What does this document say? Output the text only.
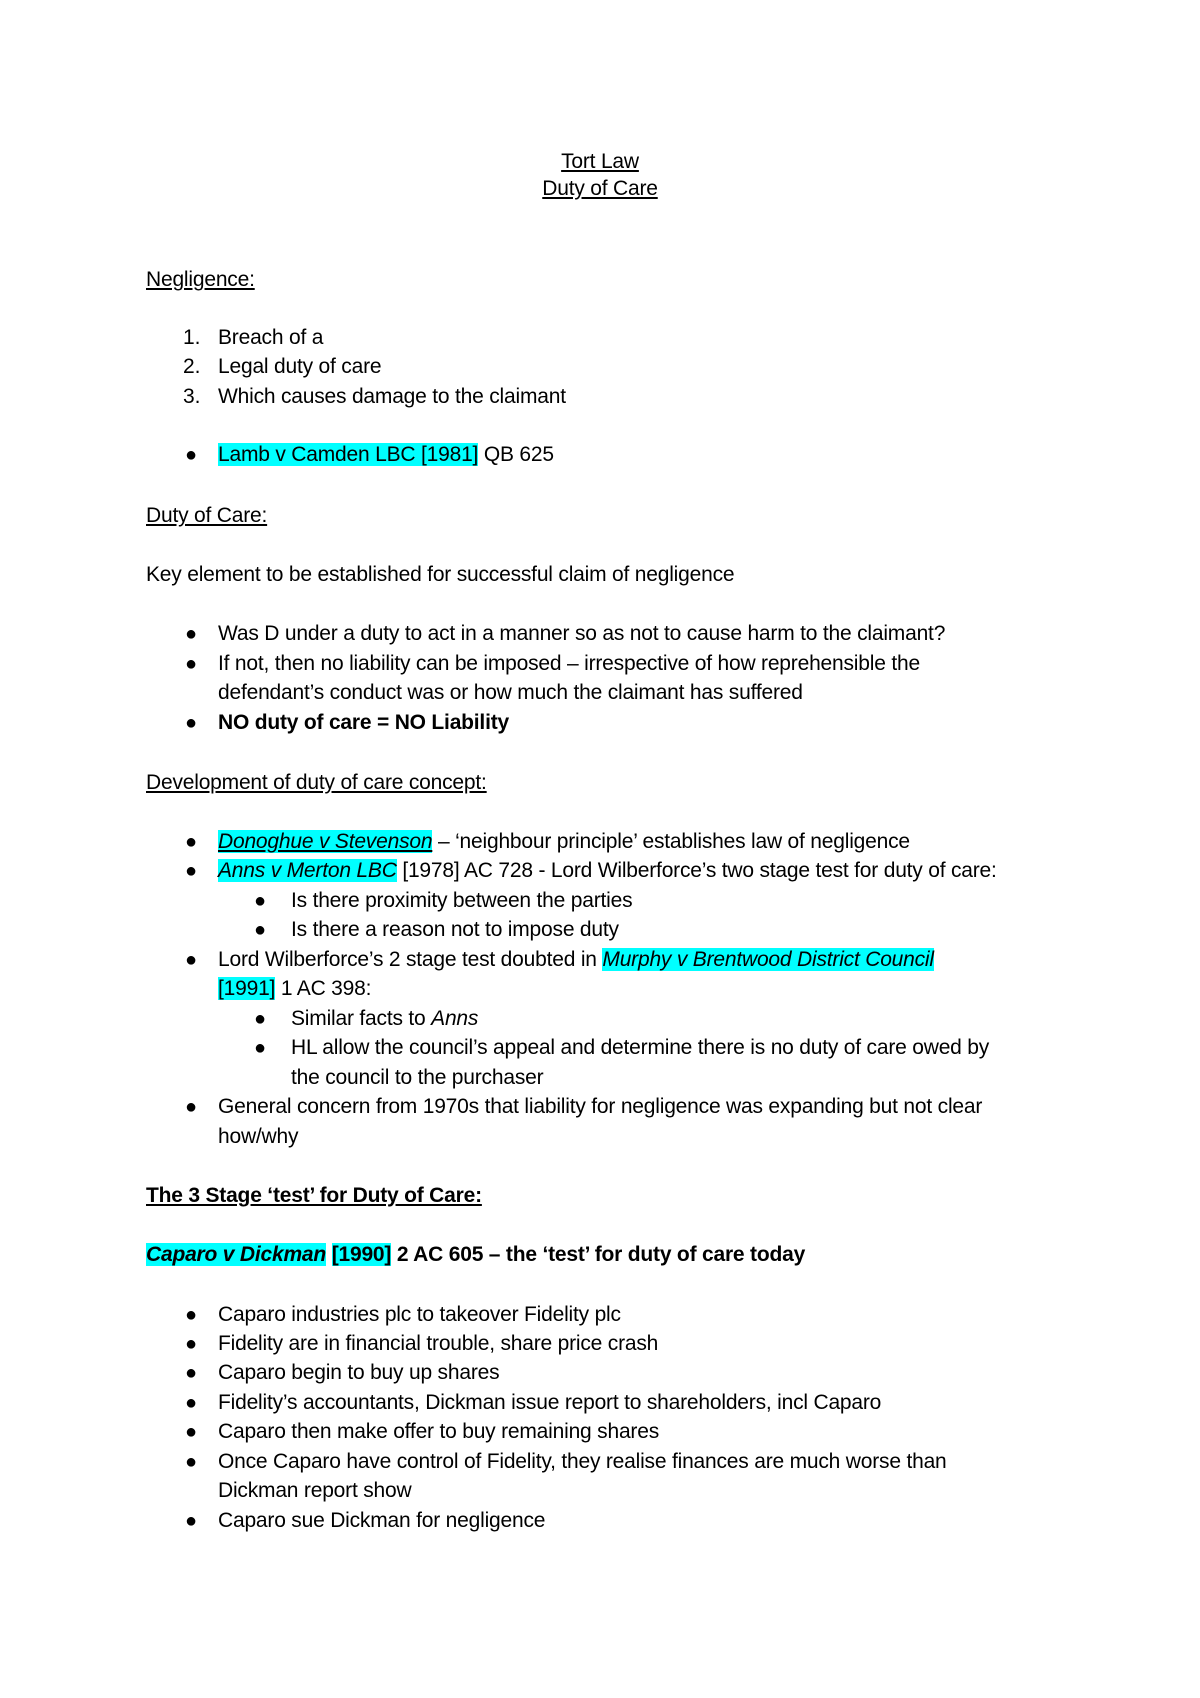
Tort Law
Duty of Care
Negligence:
1. Breach of a
2. Legal duty of care
3. Which causes damage to the claimant
● Lamb v Camden LBC [1981] QB 625
Duty of Care:
Key element to be established for successful claim of negligence
● Was D under a duty to act in a manner so as not to cause harm to the claimant?
● If not, then no liability can be imposed – irrespective of how reprehensible the
defendant’s conduct was or how much the claimant has suffered
● NO duty of care = NO Liability
Development of duty of care concept:
● Donoghue v Stevenson – ‘neighbour principle’ establishes law of negligence
● Anns v Merton LBC [1978] AC 728 - Lord Wilberforce’s two stage test for duty of care:
● Is there proximity between the parties
● Is there a reason not to impose duty
● Lord Wilberforce’s 2 stage test doubted in Murphy v Brentwood District Council
[1991] 1 AC 398:
● Similar facts to Anns
● HL allow the council’s appeal and determine there is no duty of care owed by
the council to the purchaser
● General concern from 1970s that liability for negligence was expanding but not clear
how/why
The 3 Stage ‘test’ for Duty of Care:
Caparo v Dickman [1990] 2 AC 605 – the ‘test’ for duty of care today
● Caparo industries plc to takeover Fidelity plc
● Fidelity are in financial trouble, share price crash
● Caparo begin to buy up shares
● Fidelity’s accountants, Dickman issue report to shareholders, incl Caparo
● Caparo then make offer to buy remaining shares
● Once Caparo have control of Fidelity, they realise finances are much worse than
Dickman report show
● Caparo sue Dickman for negligence
